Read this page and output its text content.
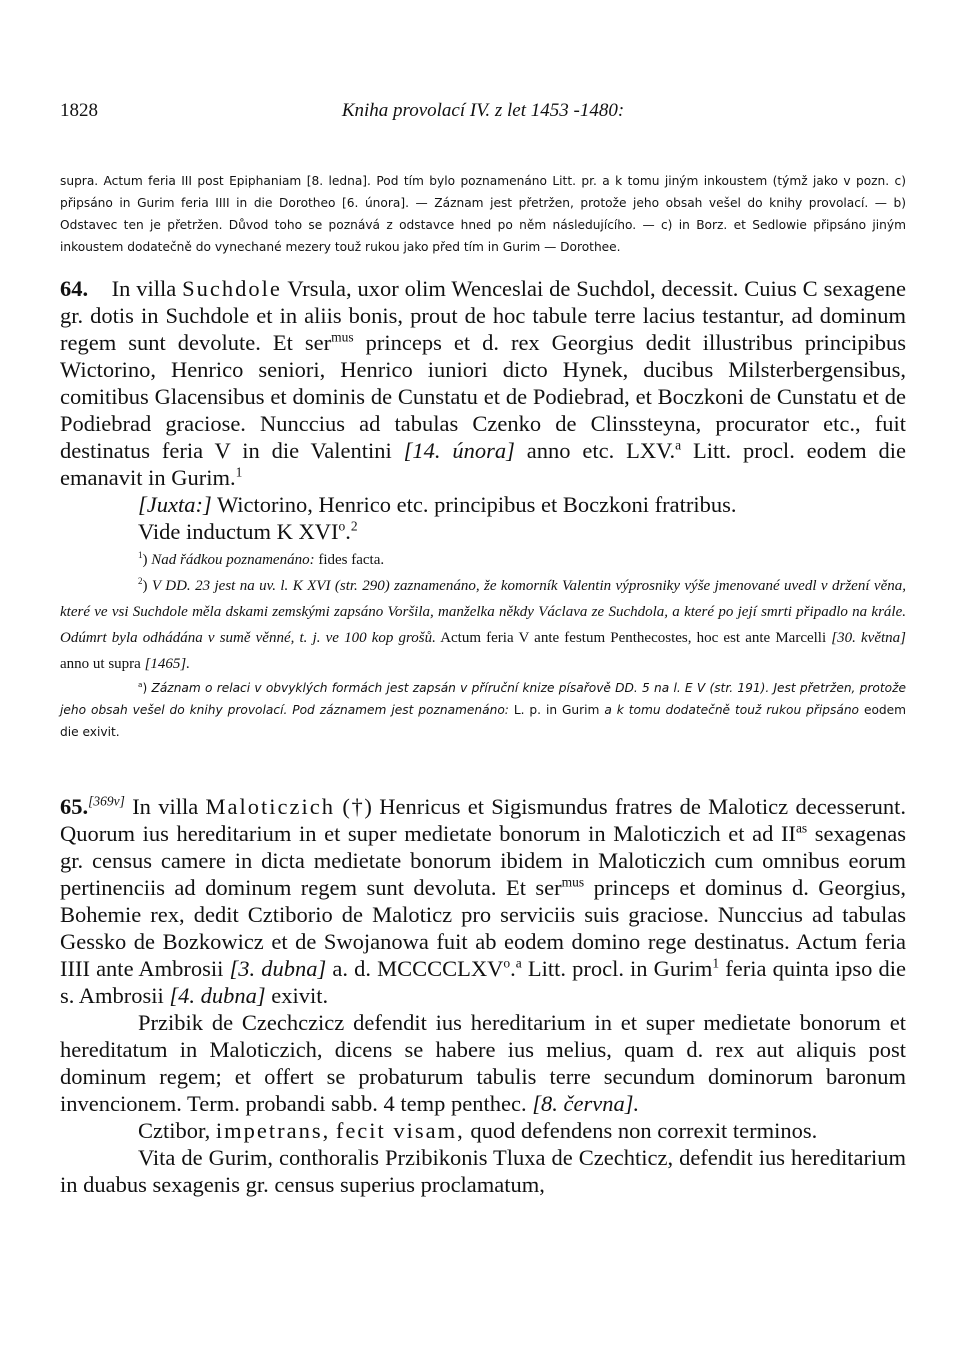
1828	Kniha provolací IV. z let 1453 -1480:

supra. Actum feria III post Epiphaniam [8. ledna]. Pod tím bylo poznamenáno Litt. pr. a k tomu jiným inkoustem (týmž jako v pozn. c) připsáno in Gurim feria IIII in die Dorotheo [6. února]. — Záznam jest přetržen, protože jeho obsah vešel do knihy provolací. — b) Odstavec ten je přetržen. Důvod toho se poznává z odstavce hned po něm následujícího. — c) in Borz. et Sedlowie připsáno jiným inkoustem dodatečně do vynechané mezery touž rukou jako před tím in Gurim — Dorothee.

64. In villa Suchdole Vrsula, uxor olim Wenceslai de Suchdol, decessit. Cuius C sexagene gr. dotis in Suchdole et in aliis bonis, prout de hoc tabule terre lacius testantur, ad dominum regem sunt devolute. Et ser$^{mus}$ princeps et d. rex Georgius dedit illustribus principibus Wictorino, Henrico seniori, Henrico iuniori dicto Hynek, ducibus Milsterbergensibus, comitibus Glacensibus et dominis de Cunstatu et de Podiebrad, et Boczkoni de Cunstatu et de Podiebrad graciose. Nunccius ad tabulas Czenko de Clinssteyna, procurator etc., fuit destinatus feria V in die Valentini [14. února] anno etc. LXV.$^a$ Litt. procl. eodem die emanavit in Gurim.$^1$

[Juxta:] Wictorino, Henrico etc. principibus et Boczkoni fratribus.

Vide inductum K XVI$^o$.$^2$

$^1$) Nad řádkou poznamenáno: fides facta.

$^2$) V DD. 23 jest na uv. l. K XVI (str. 290) zaznamenáno, že komorník Valentin výprosniky výše jmenované uvedl v držení věna, které ve vsi Suchdole měla dskami zemskými zapsáno Voršila, manželka někdy Václava ze Suchdola, a které po její smrti připadlo na krále. Odúmrt byla odhádána v sumě věnné, t. j. ve 100 kop grošů. Actum feria V ante festum Penthecostes, hoc est ante Marcelli [30. května] anno ut supra [1465].

$^a$) Záznam o relaci v obvyklých formách jest zapsán v příruční knize písařově DD. 5 na l. E V (str. 191). Jest přetržen, protože jeho obsah vešel do knihy provolací. Pod záznamem jest poznamenáno: L. p. in Gurim a k tomu dodatečně touž rukou připsáno eodem die exivit.

65.[369v] In villa Maloticzich (†) Henricus et Sigismundus fratres de Maloticz decesserunt. Quorum ius hereditarium in et super medietate bonorum in Maloticzich et ad $II^{as}$ sexagenas gr. census camere in dicta medietate bonorum ibidem in Maloticzich cum omnibus eorum pertinenciis ad dominum regem sunt devoluta. Et ser$^{mus}$ princeps et dominus d. Georgius, Bohemie rex, dedit Cztiborio de Maloticz pro serviciis suis graciose. Nunccius ad tabulas Gessko de Bozkowicz et de Swojanowa fuit ab eodem domino rege destinatus. Actum feria IIII ante Ambrosii [3. dubna] a. d. MCCCCLXV$^o$.$^a$ Litt. procl. in Gurim$^1$ feria quinta ipso die s. Ambrosii [4. dubna] exivit.

Przibik de Czechczicz defendit ius hereditarium in et super medietate bonorum et hereditatum in Maloticzich, dicens se habere ius melius, quam d. rex aut aliquis post dominum regem; et offert se probaturum tabulis terre secundum dominorum baronum invencionem. Term. probandi sabb. 4 temp penthec. [8. června].

Cztibor, impetrans, fecit visam, quod defendens non correxit terminos.

Vita de Gurim, conthoralis Przibikonis Tluxa de Czechticz, defendit ius hereditarium in duabus sexagenis gr. census superius proclamatum,
